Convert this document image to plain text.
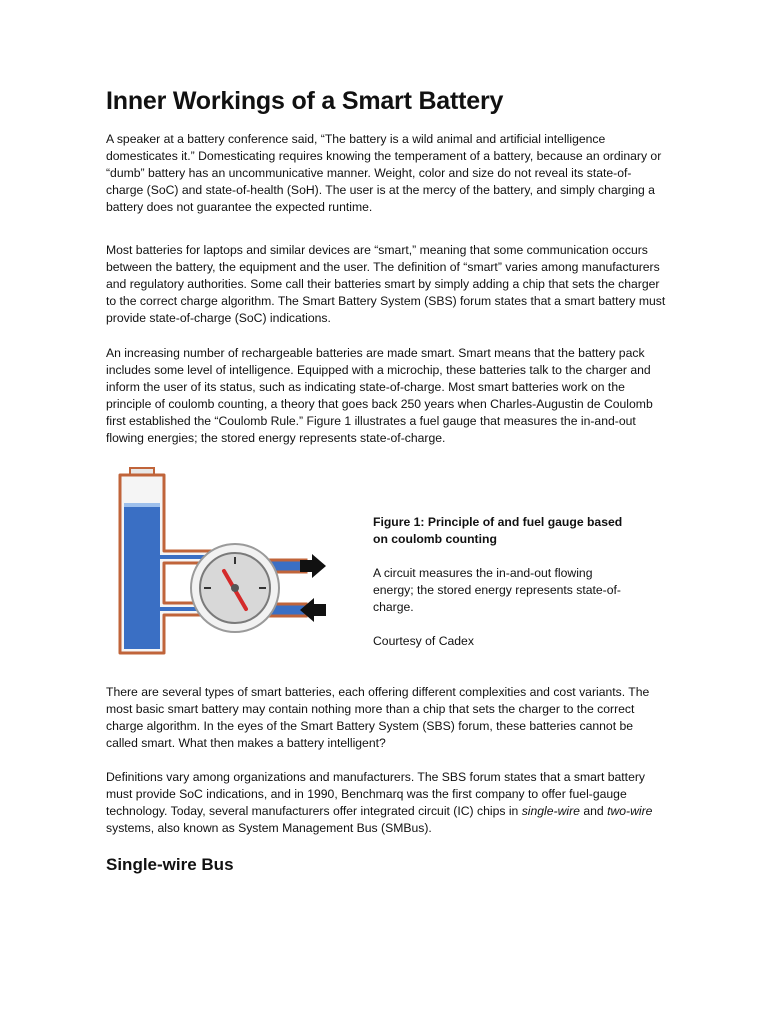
Inner Workings of a Smart Battery

A speaker at a battery conference said, “The battery is a wild animal and artificial intelligence domesticates it.” Domesticating requires knowing the temperament of a battery, because an ordinary or “dumb” battery has an uncommunicative manner. Weight, color and size do not reveal its state-of-charge (SoC) and state-of-health (SoH). The user is at the mercy of the battery, and simply charging a battery does not guarantee the expected runtime.

Most batteries for laptops and similar devices are “smart,” meaning that some communication occurs between the battery, the equipment and the user. The definition of “smart” varies among manufacturers and regulatory authorities. Some call their batteries smart by simply adding a chip that sets the charger to the correct charge algorithm. The Smart Battery System (SBS) forum states that a smart battery must provide state-of-charge (SoC) indications.

An increasing number of rechargeable batteries are made smart. Smart means that the battery pack includes some level of intelligence. Equipped with a microchip, these batteries talk to the charger and inform the user of its status, such as indicating state-of-charge. Most smart batteries work on the principle of coulomb counting, a theory that goes back 250 years when Charles-Augustin de Coulomb first established the “Coulomb Rule.” Figure 1 illustrates a fuel gauge that measures the in-and-out flowing energies; the stored energy represents state-of-charge.

Figure 1: Principle of and fuel gauge based on coulomb counting

A circuit measures the in-and-out flowing energy; the stored energy represents state-of-charge.

Courtesy of Cadex

There are several types of smart batteries, each offering different complexities and cost variants. The most basic smart battery may contain nothing more than a chip that sets the charger to the correct charge algorithm. In the eyes of the Smart Battery System (SBS) forum, these batteries cannot be called smart. What then makes a battery intelligent?

Definitions vary among organizations and manufacturers. The SBS forum states that a smart battery must provide SoC indications, and in 1990, Benchmarq was the first company to offer fuel-gauge technology. Today, several manufacturers offer integrated circuit (IC) chips in single-wire and two-wire systems, also known as System Management Bus (SMBus).

Single-wire Bus
